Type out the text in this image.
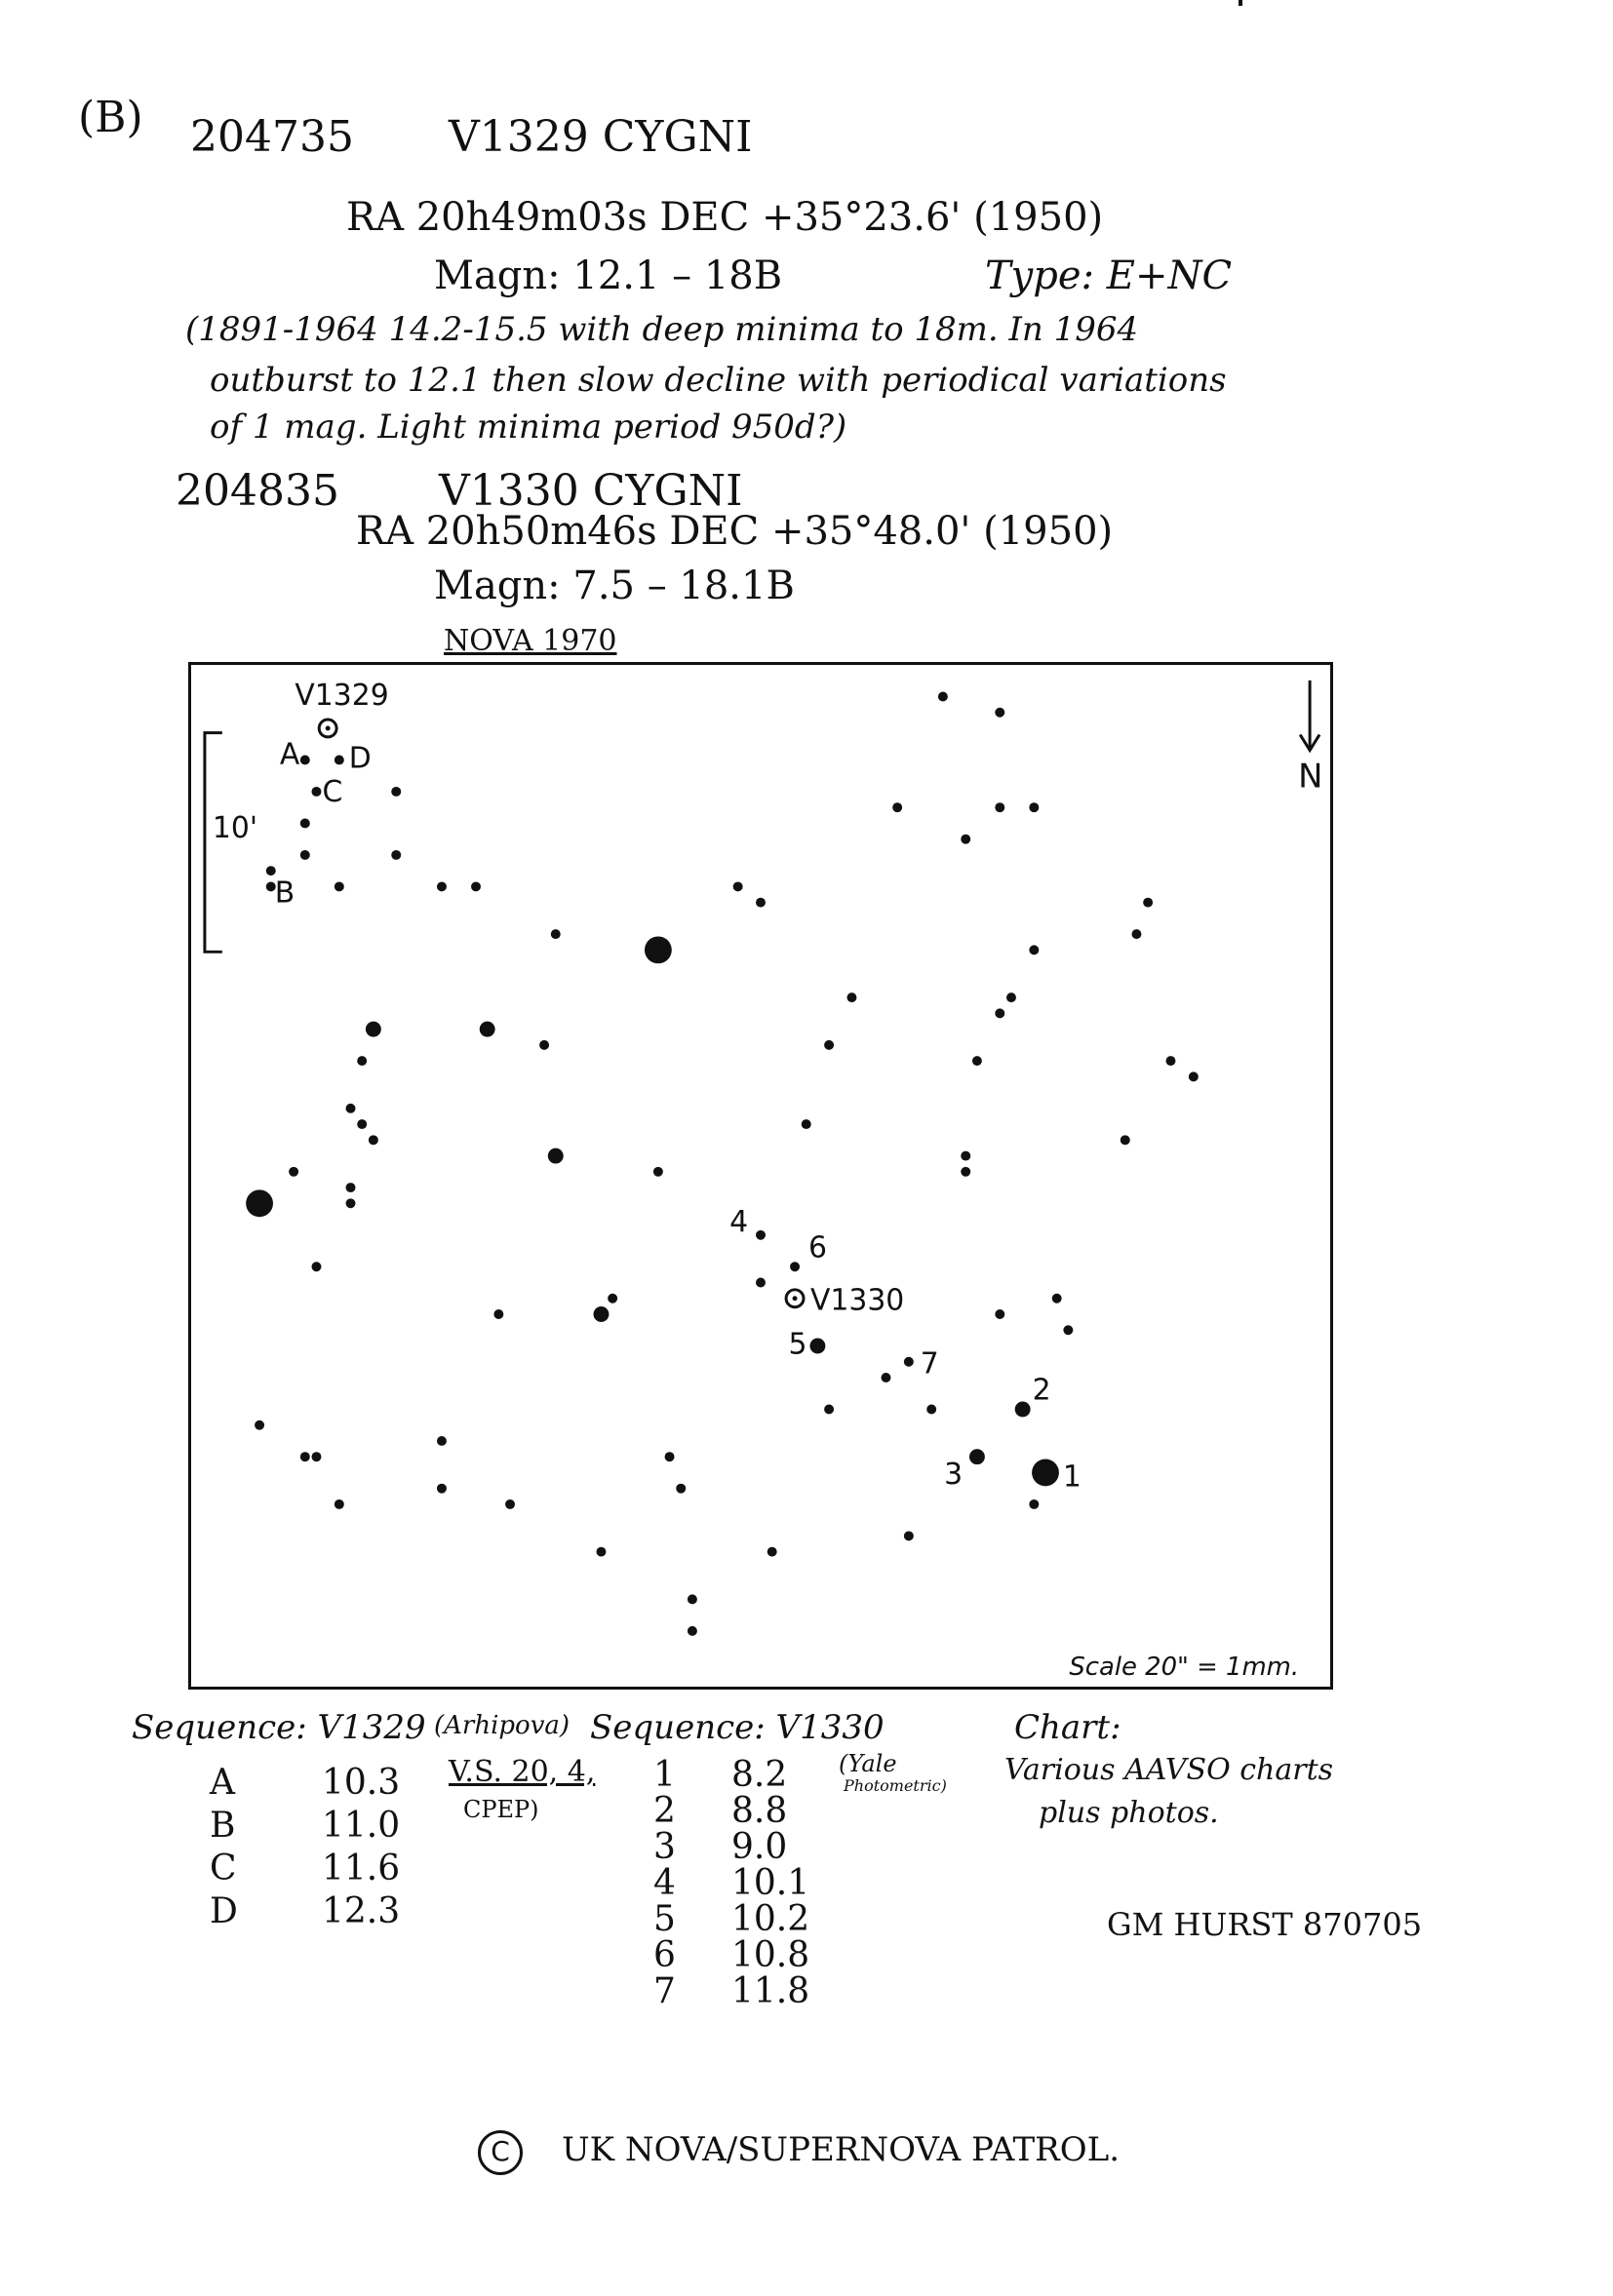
(B) 204735 V1329 CYGNI
RA 20h49m03s DEC +35°23.6' (1950)
Magn: 12.1 – 18B	Type: E+NC
(1891-1964 14.2-15.5 with deep minima to 18m. In 1964
outburst to 12.1 then slow decline with periodical variations
of 1 mag. Light minima period 950d?)
204835 V1330 CYGNI
RA 20h50m46s DEC +35°48.0' (1950)
Magn: 7.5 – 18.1B
NOVA 1970
A D
C
B
1
2
3
4
5
6
7
V1329
V1330
10'
N
Scale 20" = 1mm.
Sequence: V1329 (Arhipova)
V.S. 20, 4,
CPEP)
A 10.3
B 11.0
C 11.6
D 12.3
Sequence: V1330
(Yale
Photometric)
1 8.2
2 8.8
3 9.0
4 10.1
5 10.2
6 10.8
7 11.8
Chart:
Various AAVSO charts
plus photos.
GM HURST 870705
C UK NOVA/SUPERNOVA PATROL.
